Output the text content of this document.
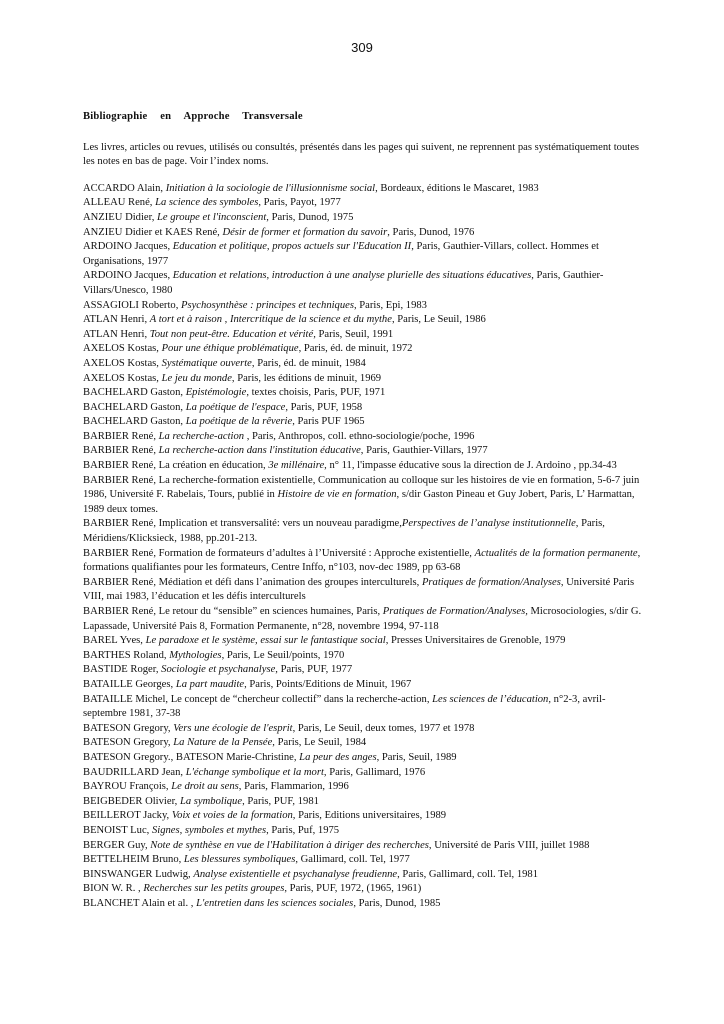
309
Bibliographie en Approche Transversale
Les livres, articles ou revues, utilisés ou consultés, présentés dans les pages qui suivent, ne reprennent pas systématiquement toutes les notes en bas de page. Voir l’index noms.
ACCARDO Alain, Initiation à la sociologie de l'illusionnisme social, Bordeaux, éditions le Mascaret, 1983
ALLEAU René, La science des symboles, Paris, Payot, 1977
ANZIEU Didier, Le groupe et l'inconscient, Paris, Dunod, 1975
ANZIEU Didier et KAES René, Désir de former et formation du savoir, Paris, Dunod, 1976
ARDOINO Jacques, Education et politique, propos actuels sur l'Education II, Paris, Gauthier-Villars, collect. Hommes et Organisations, 1977
ARDOINO Jacques, Education et relations, introduction à une analyse plurielle des situations éducatives, Paris, Gauthier-Villars/Unesco, 1980
ASSAGIOLI Roberto, Psychosynthèse : principes et techniques, Paris, Epi, 1983
ATLAN Henri, A tort et à raison , Intercritique de la science et du mythe, Paris, Le Seuil, 1986
ATLAN Henri, Tout non peut-être. Education et vérité, Paris, Seuil, 1991
AXELOS Kostas, Pour une éthique problématique, Paris, éd. de minuit, 1972
AXELOS Kostas, Systématique ouverte, Paris, éd. de minuit, 1984
AXELOS Kostas, Le jeu du monde, Paris, les éditions de minuit, 1969
BACHELARD Gaston, Epistémologie, textes choisis, Paris, PUF, 1971
BACHELARD Gaston, La poétique de l'espace, Paris, PUF, 1958
BACHELARD Gaston, La poétique de la rêverie, Paris PUF 1965
BARBIER René, La recherche-action , Paris, Anthropos, coll. ethno-sociologie/poche, 1996
BARBIER René, La recherche-action dans l'institution éducative, Paris, Gauthier-Villars, 1977
BARBIER René, La création en éducation, 3e millénaire, n° 11, l'impasse éducative sous la direction de J. Ardoino , pp.34-43
BARBIER René, La recherche-formation existentielle, Communication au colloque sur les histoires de vie en formation, 5-6-7 juin 1986, Université F. Rabelais, Tours, publié in Histoire de vie en formation, s/dir Gaston Pineau et Guy Jobert, Paris, L’ Harmattan, 1989 deux tomes.
BARBIER René, Implication et transversalité: vers un nouveau paradigme,Perspectives de l’analyse institutionnelle, Paris, Méridiens/Klicksieck, 1988, pp.201-213.
BARBIER René, Formation de formateurs d’adultes à l’Université : Approche existentielle, Actualités de la formation permanente, formations qualifiantes pour les formateurs, Centre Inffo, n°103, nov-dec 1989, pp 63-68
BARBIER René, Médiation et défi dans l’animation des groupes interculturels, Pratiques de formation/Analyses, Université Paris VIII, mai 1983, l’éducation et les défis interculturels
BARBIER René, Le retour du “sensible” en sciences humaines, Paris, Pratiques de Formation/Analyses, Microsociologies, s/dir G. Lapassade, Université Pais 8, Formation Permanente, n°28, novembre 1994, 97-118
BAREL Yves, Le paradoxe et le système, essai sur le fantastique social, Presses Universitaires de Grenoble, 1979
BARTHES Roland, Mythologies, Paris, Le Seuil/points, 1970
BASTIDE Roger, Sociologie et psychanalyse, Paris, PUF, 1977
BATAILLE Georges, La part maudite, Paris, Points/Editions de Minuit, 1967
BATAILLE Michel, Le concept de “chercheur collectif” dans la recherche-action, Les sciences de l’éducation, n°2-3, avril-septembre 1981, 37-38
BATESON Gregory, Vers une écologie de l'esprit, Paris, Le Seuil, deux tomes, 1977 et 1978
BATESON Gregory, La Nature de la Pensée, Paris, Le Seuil, 1984
BATESON Gregory., BATESON Marie-Christine, La peur des anges, Paris, Seuil, 1989
BAUDRILLARD Jean, L'échange symbolique et la mort, Paris, Gallimard, 1976
BAYROU François, Le droit au sens, Paris, Flammarion, 1996
BEIGBEDER Olivier, La symbolique, Paris, PUF, 1981
BEILLEROT Jacky, Voix et voies de la formation, Paris, Editions universitaires, 1989
BENOIST Luc, Signes, symboles et mythes, Paris, Puf, 1975
BERGER Guy, Note de synthèse en vue de l'Habilitation à diriger des recherches, Université de Paris VIII, juillet 1988
BETTELHEIM Bruno, Les blessures symboliques, Gallimard, coll. Tel, 1977
BINSWANGER Ludwig, Analyse existentielle et psychanalyse freudienne, Paris, Gallimard, coll. Tel, 1981
BION W. R. , Recherches sur les petits groupes, Paris, PUF, 1972, (1965, 1961)
BLANCHET Alain et al. , L'entretien dans les sciences sociales, Paris, Dunod, 1985
